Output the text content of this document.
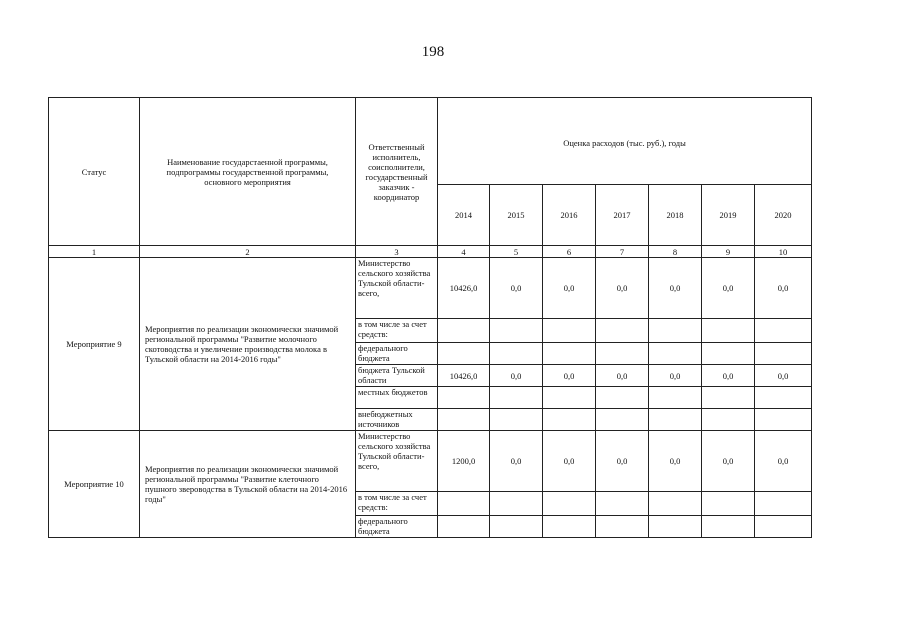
198
Статус	Наименование государстаенной программы, подпрограммы государственной программы, основного мероприятия	Ответственный исполнитель, соисполнители, государственный заказчик - координатор	Оценка расходов (тыс. руб.), годы						
			2014	2015	2016	2017	2018	2019	2020
1	2	3	4	5	6	7	8	9	10
Мероприятие 9	Мероприятия по реализации экономически значимой региональной программы "Развитие молочного скотоводства и увеличение производства молока в Тульской области на 2014-2016 годы"	Министерство сельского хозяйства Тульской области- всего,	10426,0	0,0	0,0	0,0	0,0	0,0	0,0
		в том числе за счет средств:							
		федерального бюджета							
		бюджета Тульской области	10426,0	0,0	0,0	0,0	0,0	0,0	0,0
		местных бюджетов							
		внебюджетных источников							
Мероприятие 10	Мероприятия по реализации экономически значимой региональной программы "Развитие клеточного пушного звероводства в Тульской области на 2014-2016 годы"	Министерство сельского хозяйства Тульской области- всего,	1200,0	0,0	0,0	0,0	0,0	0,0	0,0
		в том числе за счет средств:							
		федерального бюджета							
